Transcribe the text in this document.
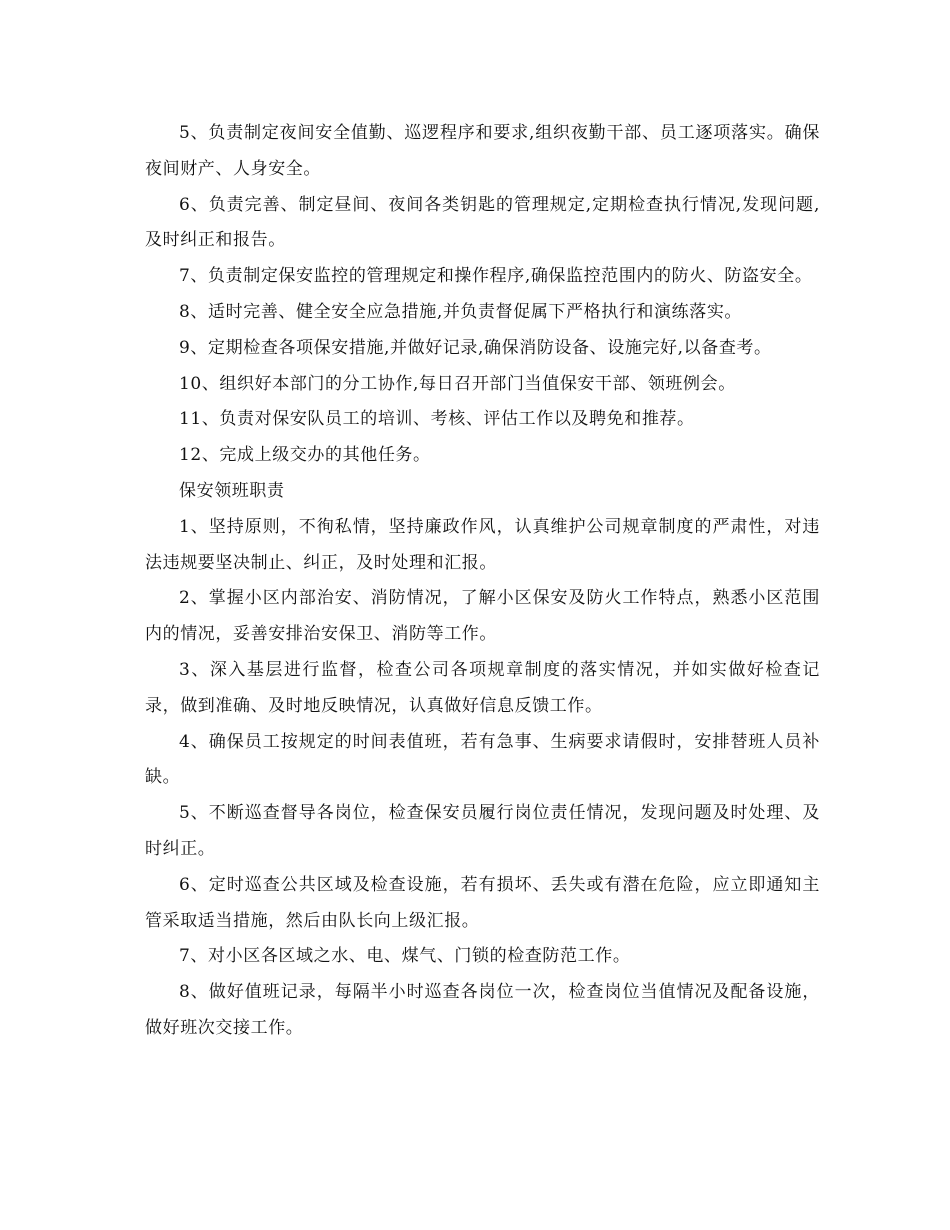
5、负责制定夜间安全值勤、巡逻程序和要求,组织夜勤干部、员工逐项落实。确保夜间财产、人身安全。

6、负责完善、制定昼间、夜间各类钥匙的管理规定,定期检查执行情况,发现问题,及时纠正和报告。

7、负责制定保安监控的管理规定和操作程序,确保监控范围内的防火、防盗安全。

8、适时完善、健全安全应急措施,并负责督促属下严格执行和演练落实。

9、定期检查各项保安措施,并做好记录,确保消防设备、设施完好,以备查考。

10、组织好本部门的分工协作,每日召开部门当值保安干部、领班例会。

11、负责对保安队员工的培训、考核、评估工作以及聘免和推荐。

12、完成上级交办的其他任务。

保安领班职责

1、坚持原则，不徇私情，坚持廉政作风，认真维护公司规章制度的严肃性，对违法违规要坚决制止、纠正，及时处理和汇报。

2、掌握小区内部治安、消防情况，了解小区保安及防火工作特点，熟悉小区范围内的情况，妥善安排治安保卫、消防等工作。

3、深入基层进行监督，检查公司各项规章制度的落实情况，并如实做好检查记录，做到准确、及时地反映情况，认真做好信息反馈工作。

4、确保员工按规定的时间表值班，若有急事、生病要求请假时，安排替班人员补缺。

5、不断巡查督导各岗位，检查保安员履行岗位责任情况，发现问题及时处理、及时纠正。

6、定时巡查公共区域及检查设施，若有损坏、丢失或有潜在危险，应立即通知主管采取适当措施，然后由队长向上级汇报。

7、对小区各区域之水、电、煤气、门锁的检查防范工作。

8、做好值班记录，每隔半小时巡查各岗位一次，检查岗位当值情况及配备设施，做好班次交接工作。
